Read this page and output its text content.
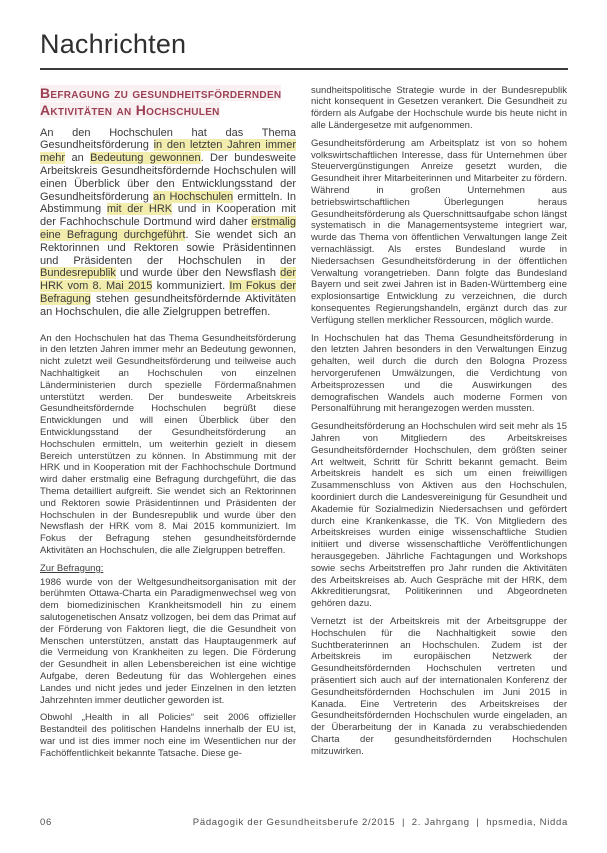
Nachrichten
Befragung zu gesundheitsfördernden Aktivitäten an Hochschulen

An den Hochschulen hat das Thema Gesundheitsförderung in den letzten Jahren immer mehr an Bedeutung gewonnen. Der bundesweite Arbeitskreis Gesundheitsfördernde Hochschulen will einen Überblick über den Entwicklungsstand der Gesundheitsförderung an Hochschulen ermitteln. In Abstimmung mit der HRK und in Kooperation mit der Fachhochschule Dortmund wird daher erstmalig eine Befragung durchgeführt. Sie wendet sich an Rektorinnen und Rektoren sowie Präsidentinnen und Präsidenten der Hochschulen in der Bundesrepublik und wurde über den Newsflash der HRK vom 8. Mai 2015 kommuniziert. Im Fokus der Befragung stehen gesundheitsfördernde Aktivitäten an Hochschulen, die alle Zielgruppen betreffen.

An den Hochschulen hat das Thema Gesundheitsförderung in den letzten Jahren immer mehr an Bedeutung gewonnen, nicht zuletzt weil Gesundheitsförderung und teilweise auch Nachhaltigkeit an Hochschulen von einzelnen Länderministerien durch spezielle Fördermaßnahmen unterstützt werden. Der bundesweite Arbeitskreis Gesundheitsfördernde Hochschulen begrüßt diese Entwicklungen und will einen Überblick über den Entwicklungsstand der Gesundheitsförderung an Hochschulen ermitteln, um weiterhin gezielt in diesem Bereich unterstützen zu können. In Abstimmung mit der HRK und in Kooperation mit der Fachhochschule Dortmund wird daher erstmalig eine Befragung durchgeführt, die das Thema detailliert aufgreift. Sie wendet sich an Rektorinnen und Rektoren sowie Präsidentinnen und Präsidenten der Hochschulen in der Bundesrepublik und wurde über den Newsflash der HRK vom 8. Mai 2015 kommuniziert. Im Fokus der Befragung stehen gesundheitsfördernde Aktivitäten an Hochschulen, die alle Zielgruppen betreffen.

Zur Befragung:

1986 wurde von der Weltgesundheitsorganisation mit der berühmten Ottawa-Charta ein Paradigmenwechsel weg von dem biomedizinischen Krankheitsmodell hin zu einem salutogenetischen Ansatz vollzogen, bei dem das Primat auf der Förderung von Faktoren liegt, die die Gesundheit von Menschen unterstützen, anstatt das Hauptaugenmerk auf die Vermeidung von Krankheiten zu legen. Die Förderung der Gesundheit in allen Lebensbereichen ist eine wichtige Aufgabe, deren Bedeutung für das Wohlergehen eines Landes und nicht jedes und jeder Einzelnen in den letzten Jahrzehnten immer deutlicher geworden ist.

Obwohl „Health in all Policies“ seit 2006 offizieller Bestandteil des politischen Handelns innerhalb der EU ist, war und ist dies immer noch eine im Wesentlichen nur der Fachöffentlichkeit bekannte Tatsache. Diese ge-

sundheitspolitische Strategie wurde in der Bundesrepublik nicht konsequent in Gesetzen verankert. Die Gesundheit zu fördern als Aufgabe der Hochschule wurde bis heute nicht in alle Ländergesetze mit aufgenommen.

Gesundheitsförderung am Arbeitsplatz ist von so hohem volkswirtschaftlichen Interesse, dass für Unternehmen über Steuervergünstigungen Anreize gesetzt wurden, die Gesundheit ihrer Mitarbeiterinnen und Mitarbeiter zu fördern. Während in großen Unternehmen aus betriebswirtschaftlichen Überlegungen heraus Gesundheitsförderung als Querschnittsaufgabe schon längst systematisch in die Managementsysteme integriert war, wurde das Thema von öffentlichen Verwaltungen lange Zeit vernachlässigt. Als erstes Bundesland wurde in Niedersachsen Gesundheitsförderung in der öffentlichen Verwaltung vorangetrieben. Dann folgte das Bundesland Bayern und seit zwei Jahren ist in Baden-Württemberg eine explosionsartige Entwicklung zu verzeichnen, die durch konsequentes Regierungshandeln, ergänzt durch das zur Verfügung stellen merklicher Ressourcen, möglich wurde.

In Hochschulen hat das Thema Gesundheitsförderung in den letzten Jahren besonders in den Verwaltungen Einzug gehalten, weil durch die durch den Bologna Prozess hervorgerufenen Umwälzungen, die Verdichtung von Arbeitsprozessen und die Auswirkungen des demografischen Wandels auch moderne Formen von Personalführung mit herangezogen werden mussten.

Gesundheitsförderung an Hochschulen wird seit mehr als 15 Jahren von Mitgliedern des Arbeitskreises Gesundheitsfördernder Hochschulen, dem größten seiner Art weltweit, Schritt für Schritt bekannt gemacht. Beim Arbeitskreis handelt es sich um einen freiwilligen Zusammenschluss von Aktiven aus den Hochschulen, koordiniert durch die Landesvereinigung für Gesundheit und Akademie für Sozialmedizin Niedersachsen und gefördert durch eine Krankenkasse, die TK. Von Mitgliedern des Arbeitskreises wurden einige wissenschaftliche Studien initiiert und diverse wissenschaftliche Veröffentlichungen herausgegeben. Jährliche Fachtagungen und Workshops sowie sechs Arbeitstreffen pro Jahr runden die Aktivitäten des Arbeitskreises ab. Auch Gespräche mit der HRK, dem Akkreditierungsrat, Politikerinnen und Abgeordneten gehören dazu.

Vernetzt ist der Arbeitskreis mit der Arbeitsgruppe der Hochschulen für die Nachhaltigkeit sowie den Suchtberaterinnen an Hochschulen. Zudem ist der Arbeitskreis im europäischen Netzwerk der Gesundheitsfördernden Hochschulen vertreten und präsentiert sich auch auf der internationalen Konferenz der Gesundheitsfördernden Hochschulen im Juni 2015 in Kanada. Eine Vertreterin des Arbeitskreises der Gesundheitsfördernden Hochschulen wurde eingeladen, an der Überarbeitung der in Kanada zu verabschiedenden Charta der gesundheitsfördernden Hochschulen mitzuwirken.

06	Pädagogik der Gesundheitsberufe 2/2015  |  2. Jahrgang  |  hpsmedia, Nidda
